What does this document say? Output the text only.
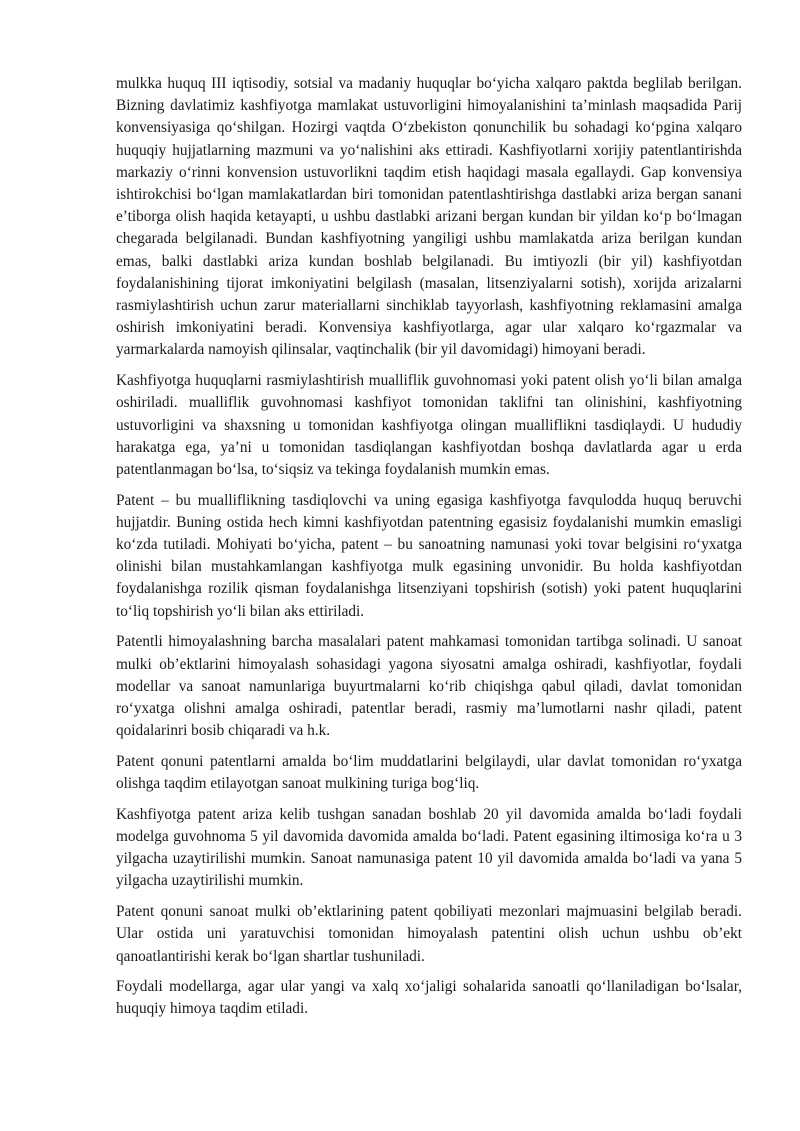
mulkka huquq III iqtisodiy, sotsial va madaniy huquqlar bo‘yicha xalqaro paktda beglilab berilgan. Bizning davlatimiz kashfiyotga mamlakat ustuvorligini himoyalanishini ta’minlash maqsadida Parij konvensiyasiga qo‘shilgan. Hozirgi vaqtda O‘zbekiston qonunchilik bu sohadagi ko‘pgina xalqaro huquqiy hujjatlarning mazmuni va yo‘nalishini aks ettiradi. Kashfiyotlarni xorijiy patentlantirishda markaziy o‘rinni konvension ustuvorlikni taqdim etish haqidagi masala egallaydi. Gap konvensiya ishtirokchisi bo‘lgan mamlakatlardan biri tomonidan patentlashtirishga dastlabki ariza bergan sanani e’tiborga olish haqida ketayapti, u ushbu dastlabki arizani bergan kundan bir yildan ko‘p bo‘lmagan chegarada belgilanadi. Bundan kashfiyotning yangiligi ushbu mamlakatda ariza berilgan kundan emas, balki dastlabki ariza kundan boshlab belgilanadi. Bu imtiyozli (bir yil) kashfiyotdan foydalanishining tijorat imkoniyatini belgilash (masalan, litsenziyalarni sotish), xorijda arizalarni rasmiylashtirish uchun zarur materiallarni sinchiklab tayyorlash, kashfiyotning reklamasini amalga oshirish imkoniyatini beradi. Konvensiya kashfiyotlarga, agar ular xalqaro ko‘rgazmalar va yarmarkalarda namoyish qilinsalar, vaqtinchalik (bir yil davomidagi) himoyani beradi.

Kashfiyotga huquqlarni rasmiylashtirish mualliflik guvohnomasi yoki patent olish yo‘li bilan amalga oshiriladi. mualliflik guvohnomasi kashfiyot tomonidan taklifni tan olinishini, kashfiyotning ustuvorligini va shaxsning u tomonidan kashfiyotga olingan mualliflikni tasdiqlaydi. U hududiy harakatga ega, ya’ni u tomonidan tasdiqlangan kashfiyotdan boshqa davlatlarda agar u erda patentlanmagan bo‘lsa, to‘siqsiz va tekinga foydalanish mumkin emas.

Patent – bu mualliflikning tasdiqlovchi va uning egasiga kashfiyotga favqulodda huquq beruvchi hujjatdir. Buning ostida hech kimni kashfiyotdan patentning egasisiz foydalanishi mumkin emasligi ko‘zda tutiladi. Mohiyati bo‘yicha, patent – bu sanoatning namunasi yoki tovar belgisini ro‘yxatga olinishi bilan mustahkamlangan kashfiyotga mulk egasining unvonidir. Bu holda kashfiyotdan foydalanishga rozilik qisman foydalanishga litsenziyani topshirish (sotish) yoki patent huquqlarini to‘liq topshirish yo‘li bilan aks ettiriladi.

Patentli himoyalashning barcha masalalari patent mahkamasi tomonidan tartibga solinadi. U sanoat mulki ob’ektlarini himoyalash sohasidagi yagona siyosatni amalga oshiradi, kashfiyotlar, foydali modellar va sanoat namunlariga buyurtmalarni ko‘rib chiqishga qabul qiladi, davlat tomonidan ro‘yxatga olishni amalga oshiradi, patentlar beradi, rasmiy ma’lumotlarni nashr qiladi, patent qoidalarinri bosib chiqaradi va h.k.

Patent qonuni patentlarni amalda bo‘lim muddatlarini belgilaydi, ular davlat tomonidan ro‘yxatga olishga taqdim etilayotgan sanoat mulkining turiga bog‘liq.

Kashfiyotga patent ariza kelib tushgan sanadan boshlab 20 yil davomida amalda bo‘ladi foydali modelga guvohnoma 5 yil davomida davomida amalda bo‘ladi. Patent egasining iltimosiga ko‘ra u 3 yilgacha uzaytirilishi mumkin. Sanoat namunasiga patent 10 yil davomida amalda bo‘ladi va yana 5 yilgacha uzaytirilishi mumkin.

Patent qonuni sanoat mulki ob’ektlarining patent qobiliyati mezonlari majmuasini belgilab beradi. Ular ostida uni yaratuvchisi tomonidan himoyalash patentini olish uchun ushbu ob’ekt qanoatlantirishi kerak bo‘lgan shartlar tushuniladi.

Foydali modellarga, agar ular yangi va xalq xo‘jaligi sohalarida sanoatli qo‘llaniladigan bo‘lsalar, huquqiy himoya taqdim etiladi.
